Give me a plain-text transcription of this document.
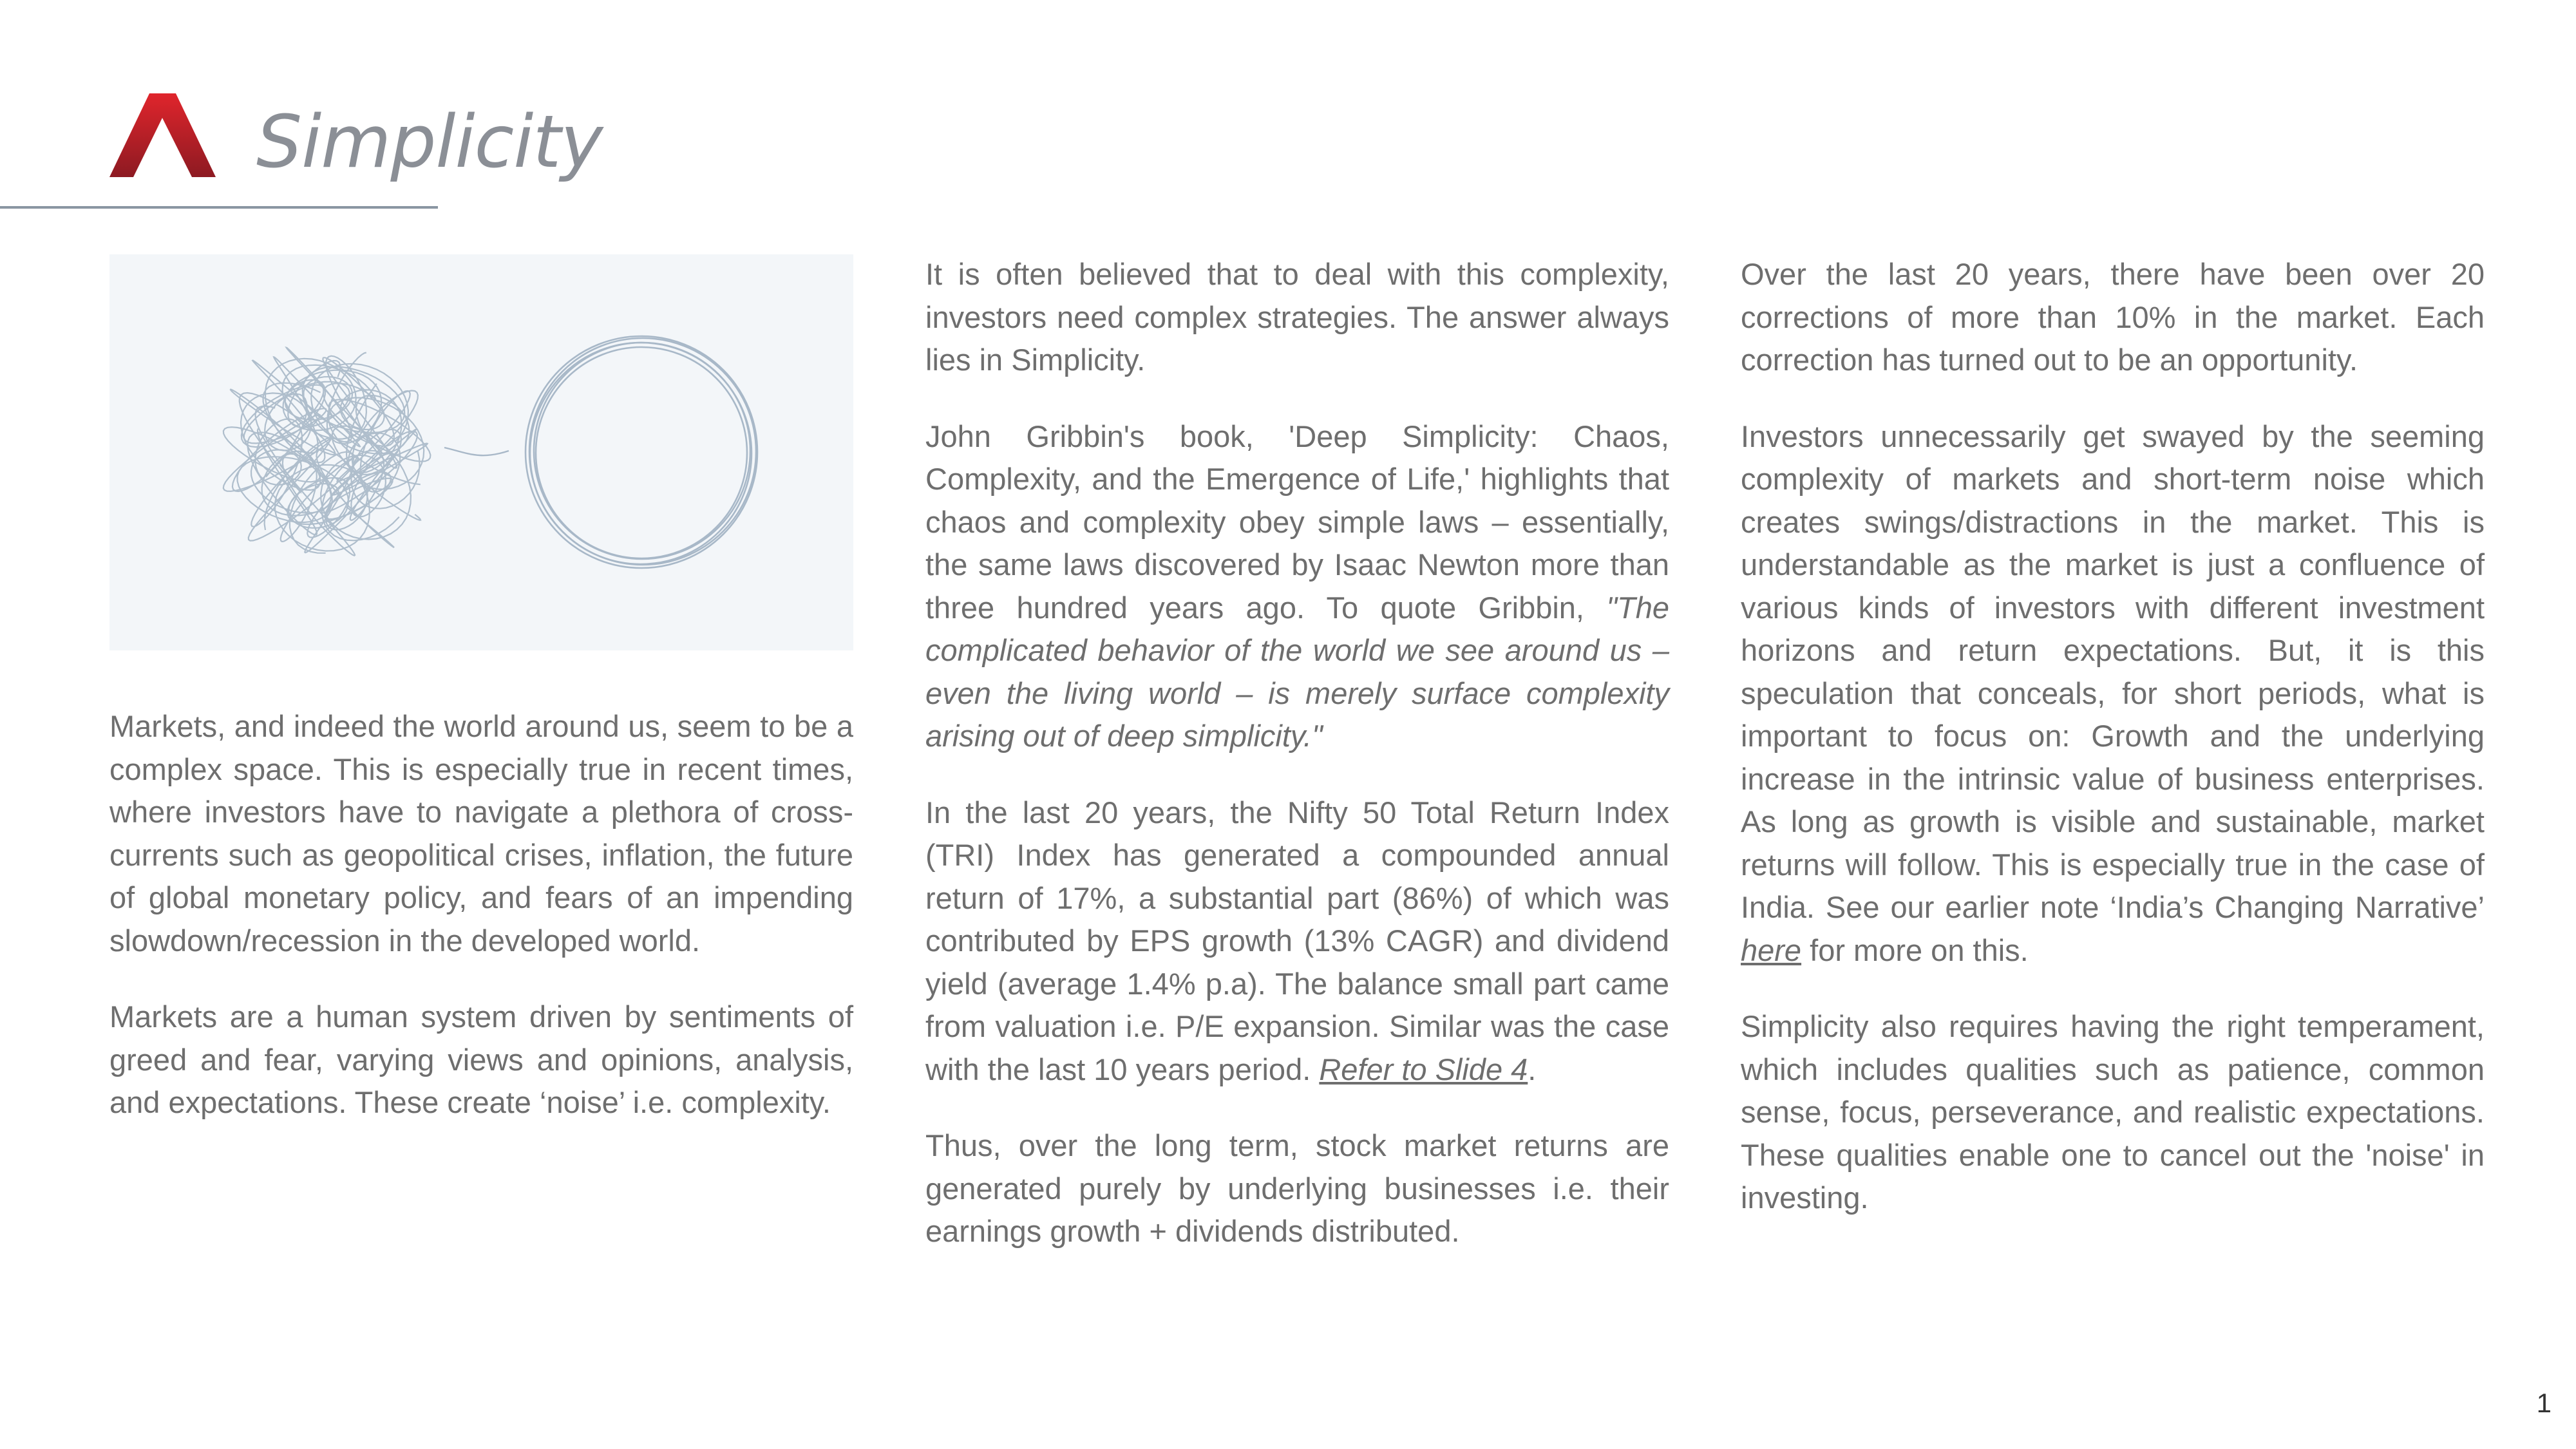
Simplicity

Markets, and indeed the world around us, seem to be a complex space. This is especially true in recent times, where investors have to navigate a plethora of cross-currents such as geopolitical crises, inflation, the future of global monetary policy, and fears of an impending slowdown/recession in the developed world.

Markets are a human system driven by sentiments of greed and fear, varying views and opinions, analysis, and expectations. These create ‘noise’ i.e. complexity.

It is often believed that to deal with this complexity, investors need complex strategies. The answer always lies in Simplicity.

John Gribbin's book, 'Deep Simplicity: Chaos, Complexity, and the Emergence of Life,' highlights that chaos and complexity obey simple laws – essentially, the same laws discovered by Isaac Newton more than three hundred years ago. To quote Gribbin, "The complicated behavior of the world we see around us – even the living world – is merely surface complexity arising out of deep simplicity."

In the last 20 years, the Nifty 50 Total Return Index (TRI) Index has generated a compounded annual return of 17%, a substantial part (86%) of which was contributed by EPS growth (13% CAGR) and dividend yield (average 1.4% p.a). The balance small part came from valuation i.e. P/E expansion. Similar was the case with the last 10 years period. Refer to Slide 4.

Thus, over the long term, stock market returns are generated purely by underlying businesses i.e. their earnings growth + dividends distributed.

Over the last 20 years, there have been over 20 corrections of more than 10% in the market. Each correction has turned out to be an opportunity.

Investors unnecessarily get swayed by the seeming complexity of markets and short-term noise which creates swings/distractions in the market. This is understandable as the market is just a confluence of various kinds of investors with different investment horizons and return expectations. But, it is this speculation that conceals, for short periods, what is important to focus on: Growth and the underlying increase in the intrinsic value of business enterprises. As long as growth is visible and sustainable, market returns will follow. This is especially true in the case of India. See our earlier note ‘India’s Changing Narrative’ here for more on this.

Simplicity also requires having the right temperament, which includes qualities such as patience, common sense, focus, perseverance, and realistic expectations. These qualities enable one to cancel out the 'noise' in investing.

1
